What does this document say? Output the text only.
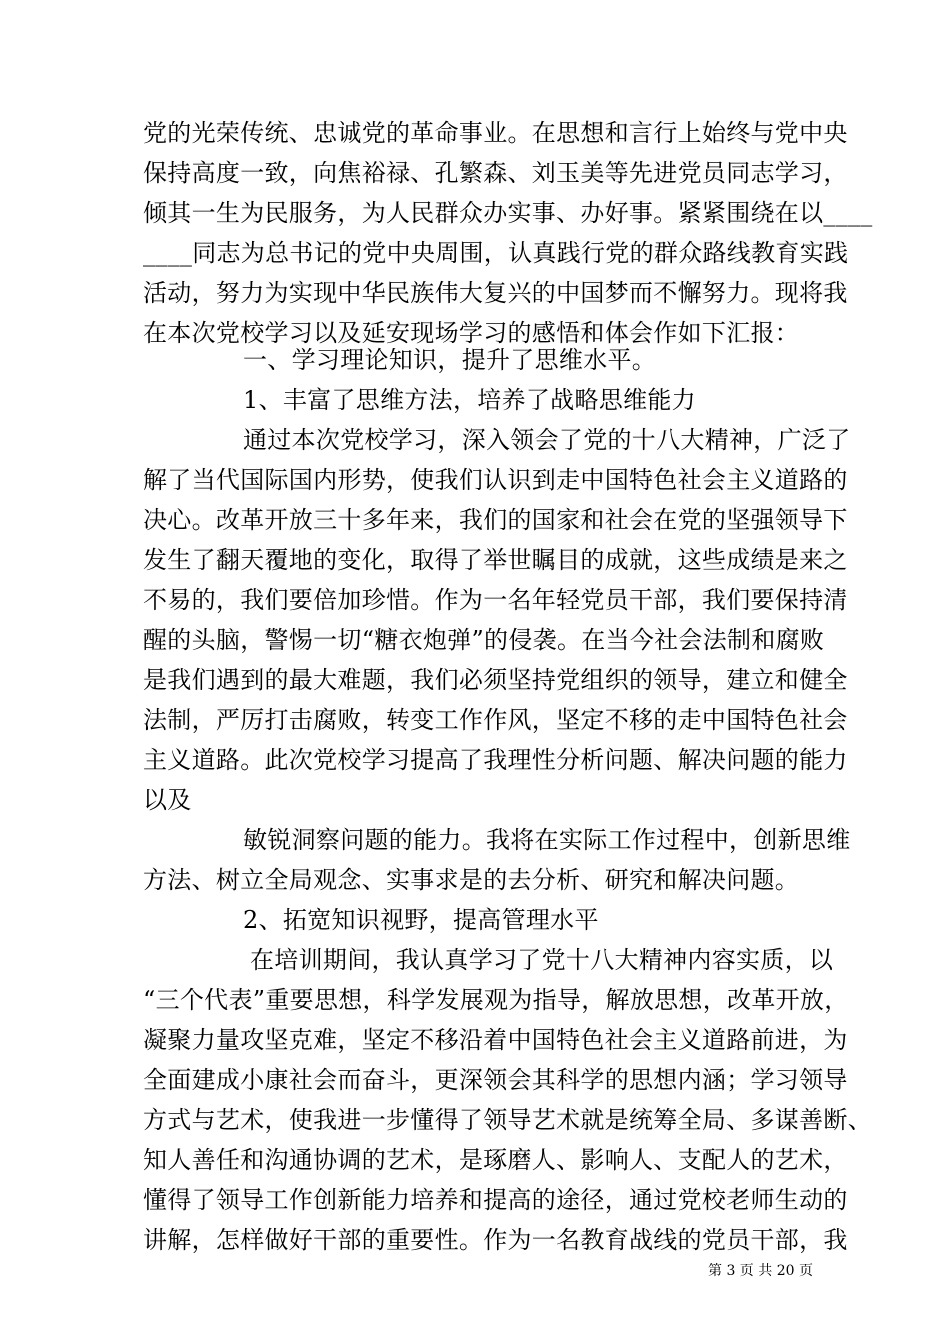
党的光荣传统、忠诚党的革命事业。在思想和言行上始终与党中央
保持高度一致，向焦裕禄、孔繁森、刘玉美等先进党员同志学习，
倾其一生为民服务，为人民群众办实事、办好事。紧紧围绕在以____
____同志为总书记的党中央周围，认真践行党的群众路线教育实践
活动，努力为实现中华民族伟大复兴的中国梦而不懈努力。现将我
在本次党校学习以及延安现场学习的感悟和体会作如下汇报：
一、学习理论知识，提升了思维水平。
1、丰富了思维方法，培养了战略思维能力
通过本次党校学习，深入领会了党的十八大精神，广泛了
解了当代国际国内形势，使我们认识到走中国特色社会主义道路的
决心。改革开放三十多年来，我们的国家和社会在党的坚强领导下
发生了翻天覆地的变化，取得了举世瞩目的成就，这些成绩是来之
不易的，我们要倍加珍惜。作为一名年轻党员干部，我们要保持清
醒的头脑，警惕一切“糖衣炮弹”的侵袭。在当今社会法制和腐败
是我们遇到的最大难题，我们必须坚持党组织的领导，建立和健全
法制，严厉打击腐败，转变工作作风，坚定不移的走中国特色社会
主义道路。此次党校学习提高了我理性分析问题、解决问题的能力
以及
敏锐洞察问题的能力。我将在实际工作过程中，创新思维
方法、树立全局观念、实事求是的去分析、研究和解决问题。
2、拓宽知识视野，提高管理水平
在培训期间，我认真学习了党十八大精神内容实质，以
“三个代表”重要思想，科学发展观为指导，解放思想，改革开放，
凝聚力量攻坚克难，坚定不移沿着中国特色社会主义道路前进，为
全面建成小康社会而奋斗，更深领会其科学的思想内涵；学习领导
方式与艺术，使我进一步懂得了领导艺术就是统筹全局、多谋善断、
知人善任和沟通协调的艺术，是琢磨人、影响人、支配人的艺术，
懂得了领导工作创新能力培养和提高的途径，通过党校老师生动的
讲解，怎样做好干部的重要性。作为一名教育战线的党员干部，我
第 3 页 共 20 页
